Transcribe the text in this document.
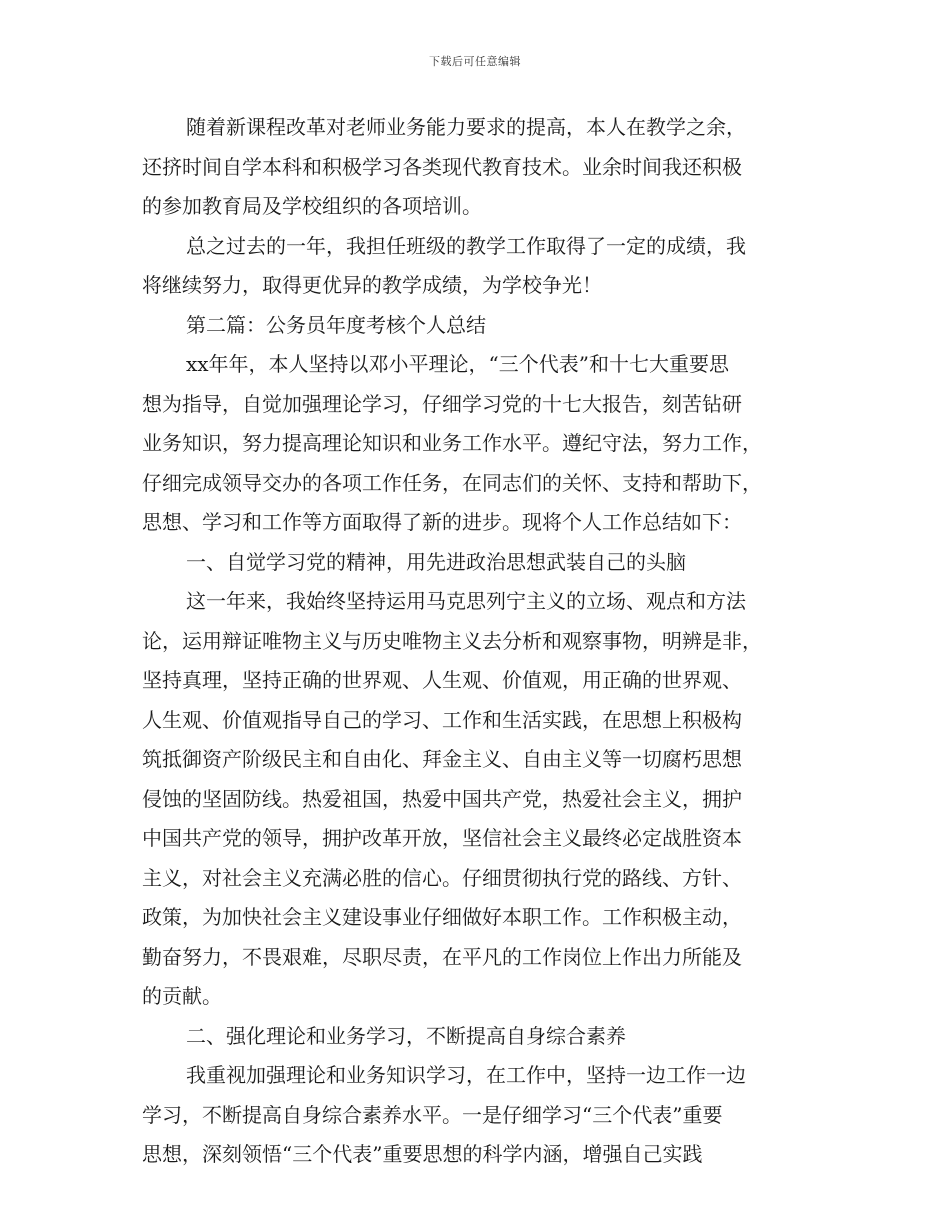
下载后可任意编辑
随着新课程改革对老师业务能力要求的提高，本人在教学之余，
还挤时间自学本科和积极学习各类现代教育技术。业余时间我还积极
的参加教育局及学校组织的各项培训。
总之过去的一年，我担任班级的教学工作取得了一定的成绩，我
将继续努力，取得更优异的教学成绩，为学校争光！
第二篇：公务员年度考核个人总结
xx年年，本人坚持以邓小平理论，“三个代表”和十七大重要思
想为指导，自觉加强理论学习，仔细学习党的十七大报告，刻苦钻研
业务知识，努力提高理论知识和业务工作水平。遵纪守法，努力工作，
仔细完成领导交办的各项工作任务，在同志们的关怀、支持和帮助下，
思想、学习和工作等方面取得了新的进步。现将个人工作总结如下：
一、自觉学习党的精神，用先进政治思想武装自己的头脑
这一年来，我始终坚持运用马克思列宁主义的立场、观点和方法
论，运用辩证唯物主义与历史唯物主义去分析和观察事物，明辨是非，
坚持真理，坚持正确的世界观、人生观、价值观，用正确的世界观、
人生观、价值观指导自己的学习、工作和生活实践，在思想上积极构
筑抵御资产阶级民主和自由化、拜金主义、自由主义等一切腐朽思想
侵蚀的坚固防线。热爱祖国，热爱中国共产党，热爱社会主义，拥护
中国共产党的领导，拥护改革开放，坚信社会主义最终必定战胜资本
主义，对社会主义充满必胜的信心。仔细贯彻执行党的路线、方针、
政策，为加快社会主义建设事业仔细做好本职工作。工作积极主动，
勤奋努力，不畏艰难，尽职尽责，在平凡的工作岗位上作出力所能及
的贡献。
二、强化理论和业务学习，不断提高自身综合素养
我重视加强理论和业务知识学习，在工作中，坚持一边工作一边
学习，不断提高自身综合素养水平。一是仔细学习“三个代表”重要
思想，深刻领悟“三个代表”重要思想的科学内涵，增强自己实践
